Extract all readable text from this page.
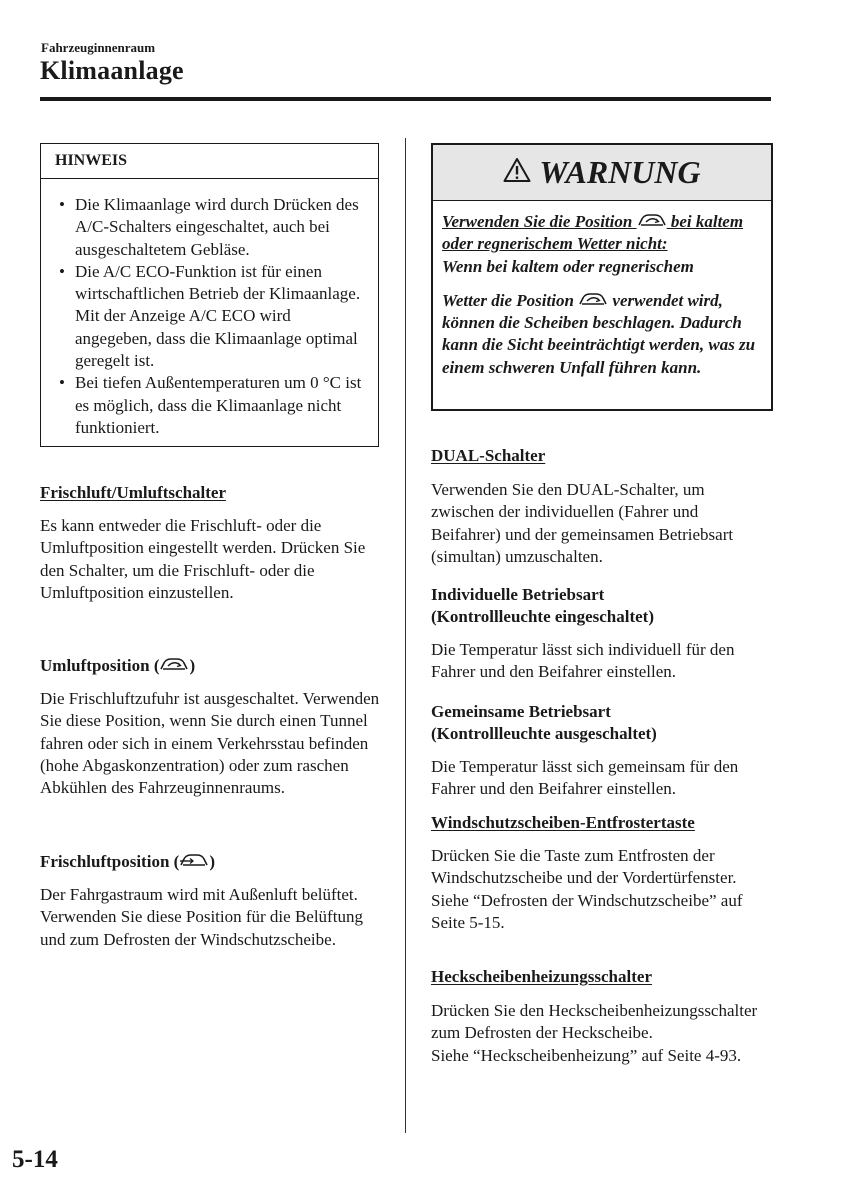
Fahrzeuginnenraum
Klimaanlage
HINWEIS
• Die Klimaanlage wird durch Drücken des A/C-Schalters eingeschaltet, auch bei ausgeschaltetem Gebläse.
• Die A/C ECO-Funktion ist für einen wirtschaftlichen Betrieb der Klimaanlage. Mit der Anzeige A/C ECO wird angegeben, dass die Klimaanlage optimal geregelt ist.
• Bei tiefen Außentemperaturen um 0 °C ist es möglich, dass die Klimaanlage nicht funktioniert.
Frischluft/Umluftschalter
Es kann entweder die Frischluft- oder die Umluftposition eingestellt werden. Drücken Sie den Schalter, um die Frischluft- oder die Umluftposition einzustellen.
Umluftposition ( )
Die Frischluftzufuhr ist ausgeschaltet. Verwenden Sie diese Position, wenn Sie durch einen Tunnel fahren oder sich in einem Verkehrsstau befinden (hohe Abgaskonzentration) oder zum raschen Abkühlen des Fahrzeuginnenraums.
Frischluftposition ( )
Der Fahrgastraum wird mit Außenluft belüftet. Verwenden Sie diese Position für die Belüftung und zum Defrosten der Windschutzscheibe.
WARNUNG

Verwenden Sie die Position
bei kaltem oder regnerischem Wetter nicht:
Wenn bei kaltem oder regnerischem

Wetter die Position
verwendet wird, können die Scheiben beschlagen. Dadurch kann die Sicht beeinträchtigt werden, was zu einem schweren Unfall führen kann.

DUAL-Schalter
Verwenden Sie den DUAL-Schalter, um zwischen der individuellen (Fahrer und Beifahrer) und der gemeinsamen Betriebsart (simultan) umzuschalten.
Individuelle Betriebsart
(Kontrollleuchte eingeschaltet)
Die Temperatur lässt sich individuell für den Fahrer und den Beifahrer einstellen.
Gemeinsame Betriebsart
(Kontrollleuchte ausgeschaltet)
Die Temperatur lässt sich gemeinsam für den Fahrer und den Beifahrer einstellen.
Windschutzscheiben-Entfrostertaste
Drücken Sie die Taste zum Entfrosten der Windschutzscheibe und der Vordertürfenster.
Siehe “Defrosten der Windschutzscheibe” auf Seite 5-15.
Heckscheibenheizungsschalter
Drücken Sie den Heckscheibenheizungsschalter zum Defrosten der Heckscheibe.
Siehe “Heckscheibenheizung” auf Seite 4-93.
5-14
